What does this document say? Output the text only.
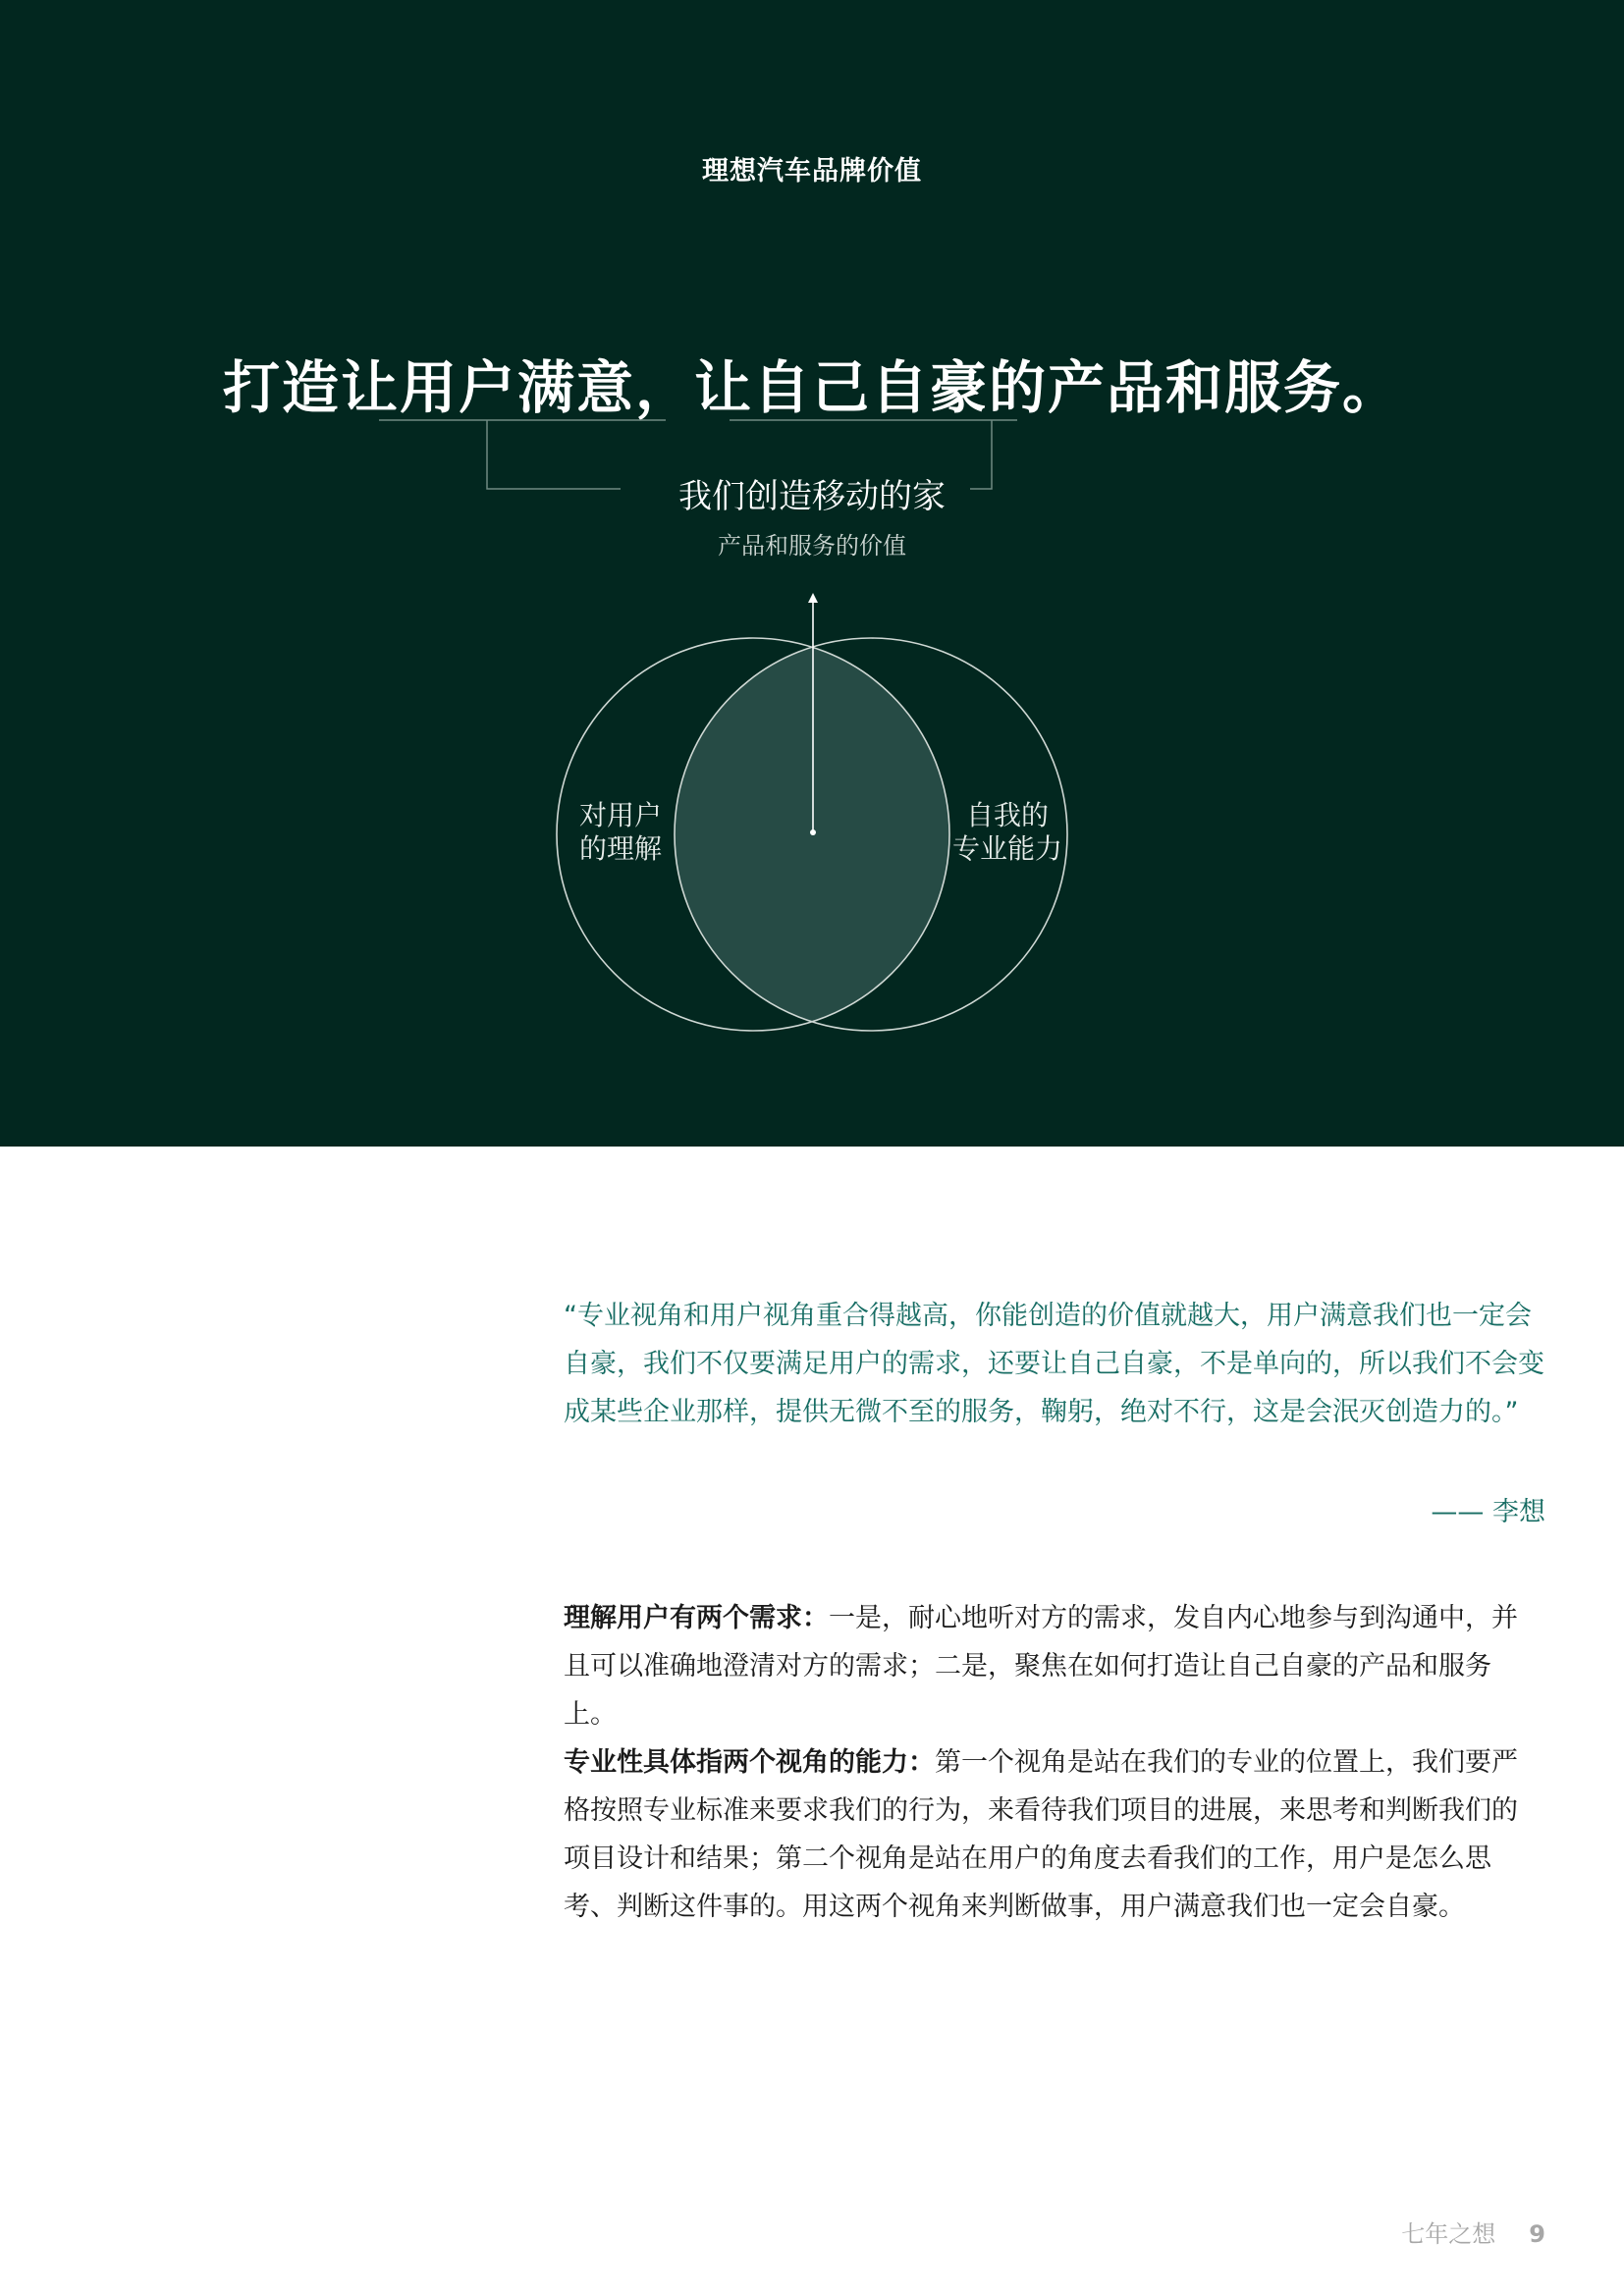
理想汽车品牌价值
打造让用户满意，让自己自豪的产品和服务。
我们创造移动的家
产品和服务的价值
对用户
的理解
自我的
专业能力
“专业视角和用户视角重合得越高，你能创造的价值就越大，用户满意我们也一定会自豪，我们不仅要满足用户的需求，还要让自己自豪，不是单向的，所以我们不会变成某些企业那样，提供无微不至的服务，鞠躬，绝对不行，这是会泯灭创造力的。”
—— 李想

理解用户有两个需求：一是，耐心地听对方的需求，发自内心地参与到沟通中，并且可以准确地澄清对方的需求；二是，聚焦在如何打造让自己自豪的产品和服务上。

专业性具体指两个视角的能力：第一个视角是站在我们的专业的位置上，我们要严格按照专业标准来要求我们的行为，来看待我们项目的进展，来思考和判断我们的项目设计和结果；第二个视角是站在用户的角度去看我们的工作，用户是怎么思考、判断这件事的。用这两个视角来判断做事，用户满意我们也一定会自豪。

七年之想 9
